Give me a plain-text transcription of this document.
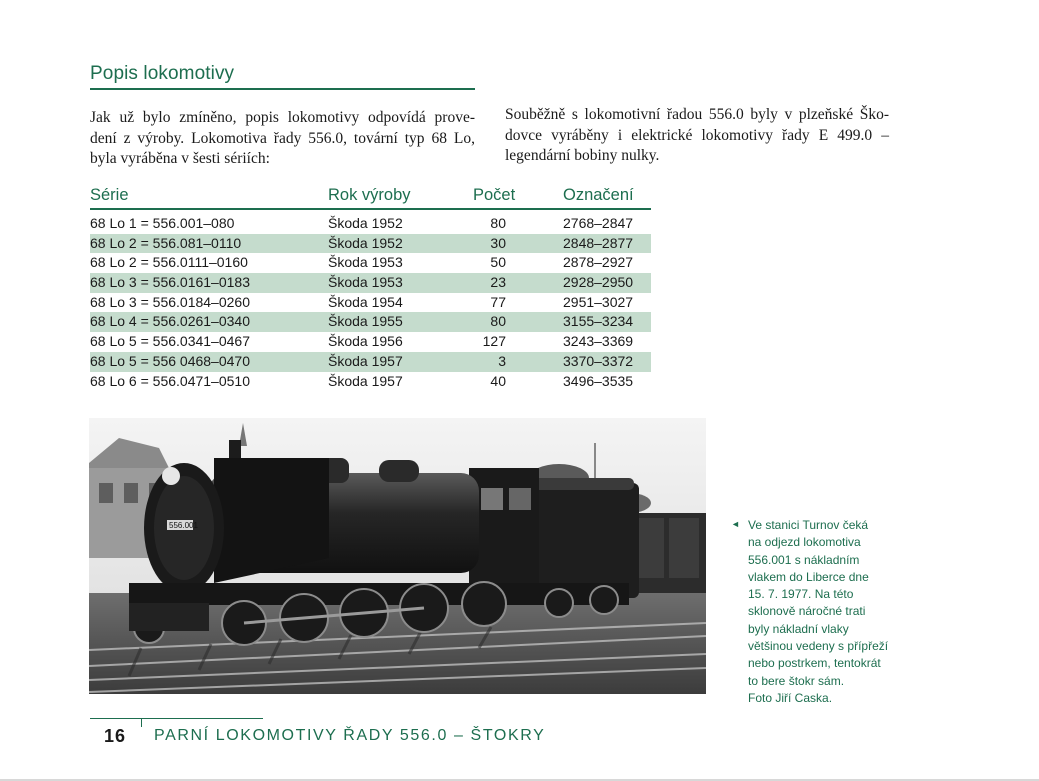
Popis lokomotivy
Jak už bylo zmíněno, popis lokomotivy odpovídá prove-
dení z výroby. Lokomotiva řady 556.0, tovární typ 68 Lo,
byla vyráběna v šesti sériích:
Souběžně s lokomotivní řadou 556.0 byly v plzeňské Ško-
dovce vyráběny i elektrické lokomotivy řady E 499.0 –
legendární bobiny nulky.
Série	Rok výroby	Počet	Označení
68 Lo 1 = 556.001–080	Škoda 1952	80	2768–2847
68 Lo 2 = 556.081–0110	Škoda 1952	30	2848–2877
68 Lo 2 = 556.0111–0160	Škoda 1953	50	2878–2927
68 Lo 3 = 556.0161–0183	Škoda 1953	23	2928–2950
68 Lo 3 = 556.0184–0260	Škoda 1954	77	2951–3027
68 Lo 4 = 556.0261–0340	Škoda 1955	80	3155–3234
68 Lo 5 = 556.0341–0467	Škoda 1956	127	3243–3369
68 Lo 5 = 556 0468–0470	Škoda 1957	3	3370–3372
68 Lo 6 = 556.0471–0510	Škoda 1957	40	3496–3535
556.001	◄ Ve stanici Turnov čeká
na odjezd lokomotiva
556.001 s nákladním
vlakem do Liberce dne
15. 7. 1977. Na této
sklonově náročné trati
byly nákladní vlaky
většinou vedeny s přípřeží
nebo postrkem, tentokrát
to bere štokr sám.
Foto Jiří Caska.
16 PARNÍ LOKOMOTIVY ŘADY 556.0 – ŠTOKRY
